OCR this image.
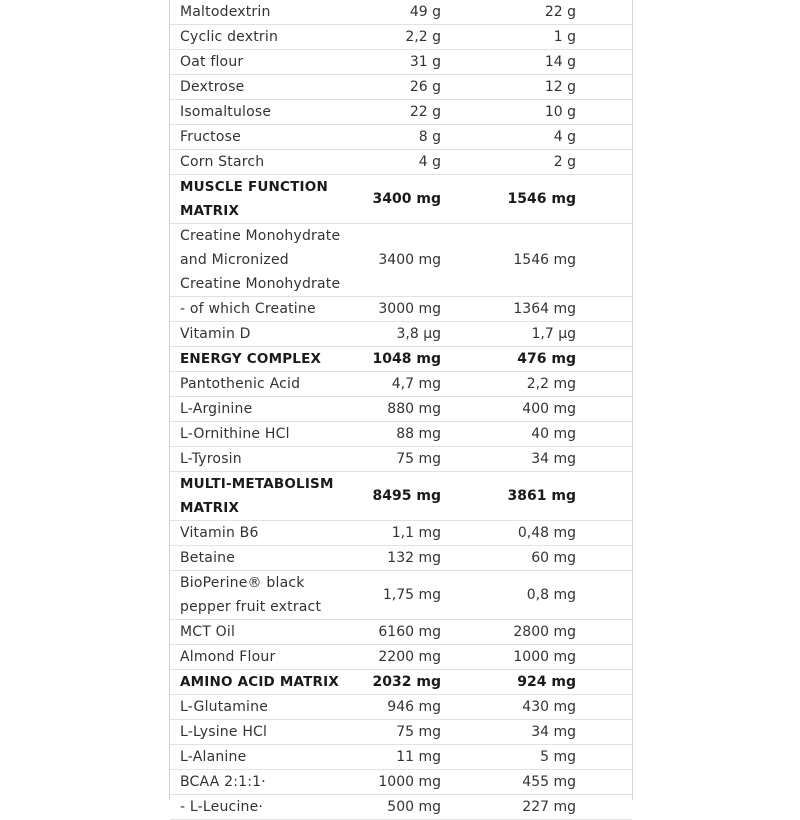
Maltodextrin	49 g	22 g	
Cyclic dextrin	2,2 g	1 g	
Oat flour	31 g	14 g	
Dextrose	26 g	12 g	
Isomaltulose	22 g	10 g	
Fructose	8 g	4 g	
Corn Starch	4 g	2 g	
MUSCLE FUNCTION
MATRIX	3400 mg	1546 mg	
Creatine Monohydrate
and Micronized
Creatine Monohydrate	3400 mg	1546 mg	
- of which Creatine	3000 mg	1364 mg	
Vitamin D	3,8 µg	1,7 µg	
ENERGY COMPLEX	1048 mg	476 mg	
Pantothenic Acid	4,7 mg	2,2 mg	
L-Arginine	880 mg	400 mg	
L-Ornithine HCl	88 mg	40 mg	
L-Tyrosin	75 mg	34 mg	
MULTI-METABOLISM
MATRIX	8495 mg	3861 mg	
Vitamin B6	1,1 mg	0,48 mg	
Betaine	132 mg	60 mg	
BioPerine® black
pepper fruit extract	1,75 mg	0,8 mg	
MCT Oil	6160 mg	2800 mg	
Almond Flour	2200 mg	1000 mg	
AMINO ACID MATRIX	2032 mg	924 mg	
L-Glutamine	946 mg	430 mg	
L-Lysine HCl	75 mg	34 mg	
L-Alanine	11 mg	5 mg	
BCAA 2:1:1·	1000 mg	455 mg	
- L-Leucine·	500 mg	227 mg	
